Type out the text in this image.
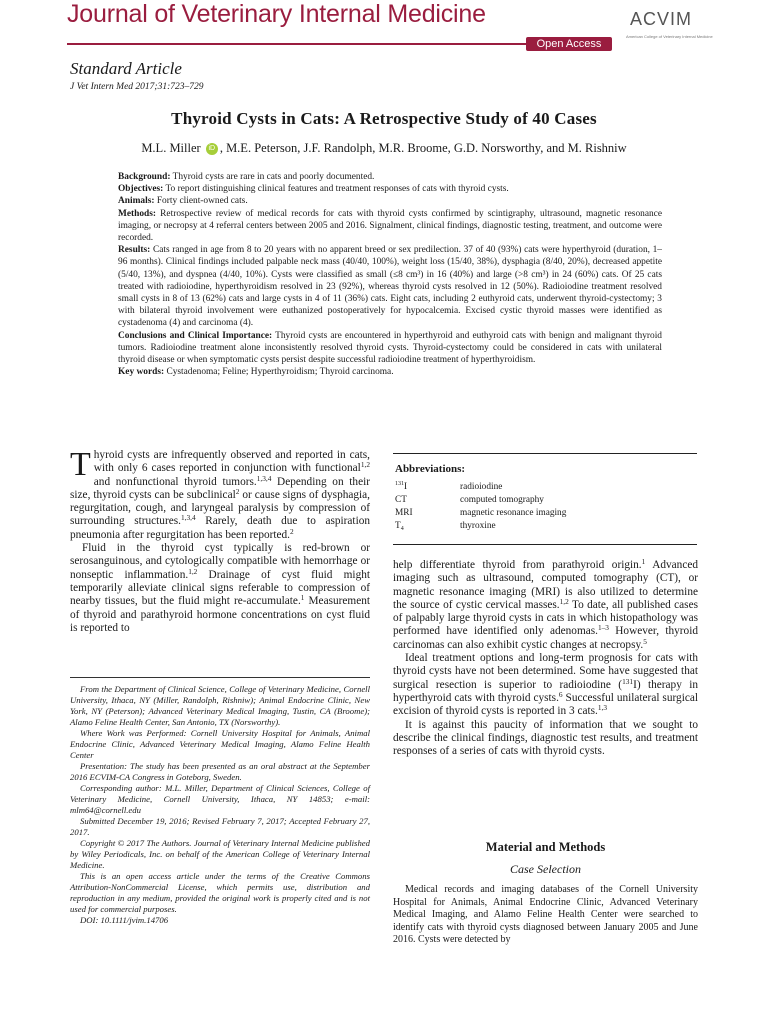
Journal of Veterinary Internal Medicine
Open Access
ACVIM
American College of Veterinary Internal Medicine
Standard Article
J Vet Intern Med 2017;31:723–729
Thyroid Cysts in Cats: A Retrospective Study of 40 Cases
M.L. Miller iD , M.E. Peterson, J.F. Randolph, M.R. Broome, G.D. Norsworthy, and M. Rishniw

Background: Thyroid cysts are rare in cats and poorly documented.

Objectives: To report distinguishing clinical features and treatment responses of cats with thyroid cysts.

Animals: Forty client-owned cats.

Methods: Retrospective review of medical records for cats with thyroid cysts confirmed by scintigraphy, ultrasound, magnetic resonance imaging, or necropsy at 4 referral centers between 2005 and 2016. Signalment, clinical findings, diagnostic testing, treatment, and outcome were recorded.

Results: Cats ranged in age from 8 to 20 years with no apparent breed or sex predilection. 37 of 40 (93%) cats were hyperthyroid (duration, 1–96 months). Clinical findings included palpable neck mass (40/40, 100%), weight loss (15/40, 38%), dysphagia (8/40, 20%), decreased appetite (5/40, 13%), and dyspnea (4/40, 10%). Cysts were classified as small (≤8 cm³) in 16 (40%) and large (>8 cm³) in 24 (60%) cats. Of 25 cats treated with radioiodine, hyperthyroidism resolved in 23 (92%), whereas thyroid cysts resolved in 12 (50%). Radioiodine treatment resolved small cysts in 8 of 13 (62%) cats and large cysts in 4 of 11 (36%) cats. Eight cats, including 2 euthyroid cats, underwent thyroid-cystectomy; 3 with bilateral thyroid involvement were euthanized postoperatively for hypocalcemia. Excised cystic thyroid masses were identified as cystadenoma (4) and carcinoma (4).

Conclusions and Clinical Importance: Thyroid cysts are encountered in hyperthyroid and euthyroid cats with benign and malignant thyroid tumors. Radioiodine treatment alone inconsistently resolved thyroid cysts. Thyroid-cystectomy could be considered in cats with unilateral thyroid disease or when symptomatic cysts persist despite successful radioiodine treatment of hyperthyroidism.

Key words: Cystadenoma; Feline; Hyperthyroidism; Thyroid carcinoma.

Thyroid cysts are infrequently observed and reported in cats, with only 6 cases reported in conjunction with functional$^{1,2}$ and nonfunctional thyroid tumors.$^{1,3,4}$ Depending on their size, thyroid cysts can be subclinical$^2$ or cause signs of dysphagia, regurgitation, cough, and laryngeal paralysis by compression of surrounding structures.$^{1,3,4}$ Rarely, death due to aspiration pneumonia after regurgitation has been reported.$^2$

Fluid in the thyroid cyst typically is red-brown or serosanguinous, and cytologically compatible with hemorrhage or nonseptic inflammation.$^{1,2}$ Drainage of cyst fluid might temporarily alleviate clinical signs referable to compression of nearby tissues, but the fluid might re-accumulate.$^1$ Measurement of thyroid and parathyroid hormone concentrations on cyst fluid is reported to

From the Department of Clinical Science, College of Veterinary Medicine, Cornell University, Ithaca, NY (Miller, Randolph, Rishniw); Animal Endocrine Clinic, New York, NY (Peterson); Advanced Veterinary Medical Imaging, Tustin, CA (Broome); Alamo Feline Health Center, San Antonio, TX (Norsworthy).

Where Work was Performed: Cornell University Hospital for Animals, Animal Endocrine Clinic, Advanced Veterinary Medical Imaging, Alamo Feline Health Center

Presentation: The study has been presented as an oral abstract at the September 2016 ECVIM-CA Congress in Goteborg, Sweden.

Corresponding author: M.L. Miller, Department of Clinical Sciences, College of Veterinary Medicine, Cornell University, Ithaca, NY 14853; e-mail: mlm64@cornell.edu

Submitted December 19, 2016; Revised February 7, 2017; Accepted February 27, 2017.

Copyright © 2017 The Authors. Journal of Veterinary Internal Medicine published by Wiley Periodicals, Inc. on behalf of the American College of Veterinary Internal Medicine.

This is an open access article under the terms of the Creative Commons Attribution-NonCommercial License, which permits use, distribution and reproduction in any medium, provided the original work is properly cited and is not used for commercial purposes.

DOI: 10.1111/jvim.14706

Abbreviations:
$^{131}$I	radioiodine
CT	computed tomography
MRI	magnetic resonance imaging
$T_4$	thyroxine

help differentiate thyroid from parathyroid origin.$^1$ Advanced imaging such as ultrasound, computed tomography (CT), or magnetic resonance imaging (MRI) is also utilized to determine the source of cystic cervical masses.$^{1,2}$ To date, all published cases of palpably large thyroid cysts in cats in which histopathology was performed have identified only adenomas.$^{1-3}$ However, thyroid carcinomas can also exhibit cystic changes at necropsy.$^5$

Ideal treatment options and long-term prognosis for cats with thyroid cysts have not been determined. Some have suggested that surgical resection is superior to radioiodine ($^{131}$I) therapy in hyperthyroid cats with thyroid cysts.$^6$ Successful unilateral surgical excision of thyroid cysts is reported in 3 cats.$^{1,3}$

It is against this paucity of information that we sought to describe the clinical findings, diagnostic test results, and treatment responses of a series of cats with thyroid cysts.

Material and Methods
Case Selection

Medical records and imaging databases of the Cornell University Hospital for Animals, Animal Endocrine Clinic, Advanced Veterinary Medical Imaging, and Alamo Feline Health Center were searched to identify cats with thyroid cysts diagnosed between January 2005 and June 2016. Cysts were detected by
